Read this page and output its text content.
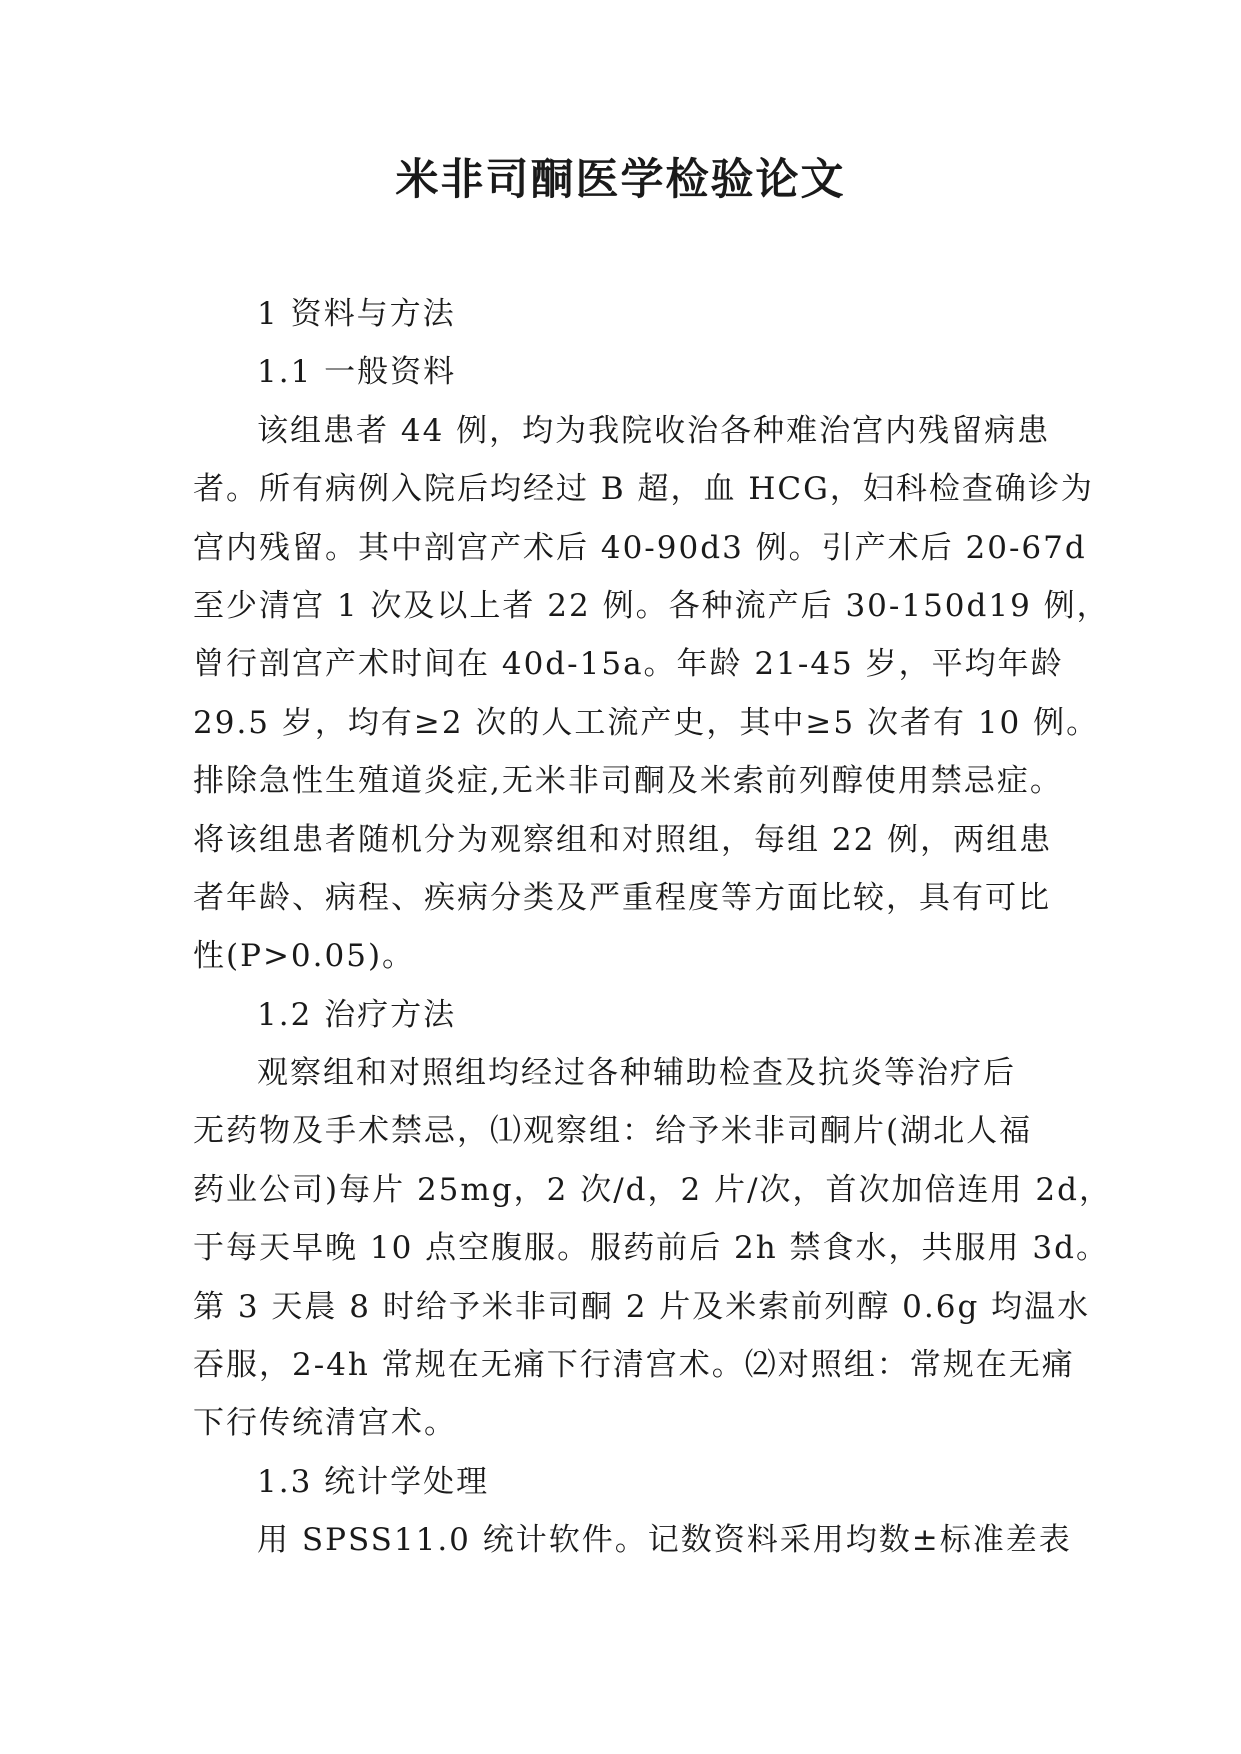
米非司酮医学检验论文

1 资料与方法

1.1 一般资料

该组患者 44 例，均为我院收治各种难治宫内残留病患

者。所有病例入院后均经过 B 超，血 HCG，妇科检查确诊为

宫内残留。其中剖宫产术后 40-90d3 例。引产术后 20-67d

至少清宫 1 次及以上者 22 例。各种流产后 30-150d19 例，

曾行剖宫产术时间在 40d-15a。年龄 21-45 岁，平均年龄

29.5 岁，均有≥2 次的人工流产史，其中≥5 次者有 10 例。

排除急性生殖道炎症,无米非司酮及米索前列醇使用禁忌症。

将该组患者随机分为观察组和对照组，每组 22 例，两组患

者年龄、病程、疾病分类及严重程度等方面比较，具有可比

性(P>0.05)。

1.2 治疗方法

观察组和对照组均经过各种辅助检查及抗炎等治疗后

无药物及手术禁忌，⑴观察组：给予米非司酮片(湖北人福

药业公司)每片 25mg，2 次/d，2 片/次，首次加倍连用 2d，

于每天早晚 10 点空腹服。服药前后 2h 禁食水，共服用 3d。

第 3 天晨 8 时给予米非司酮 2 片及米索前列醇 0.6g 均温水

吞服，2-4h 常规在无痛下行清宫术。⑵对照组：常规在无痛

下行传统清宫术。

1.3 统计学处理

用 SPSS11.0 统计软件。记数资料采用均数±标准差表
